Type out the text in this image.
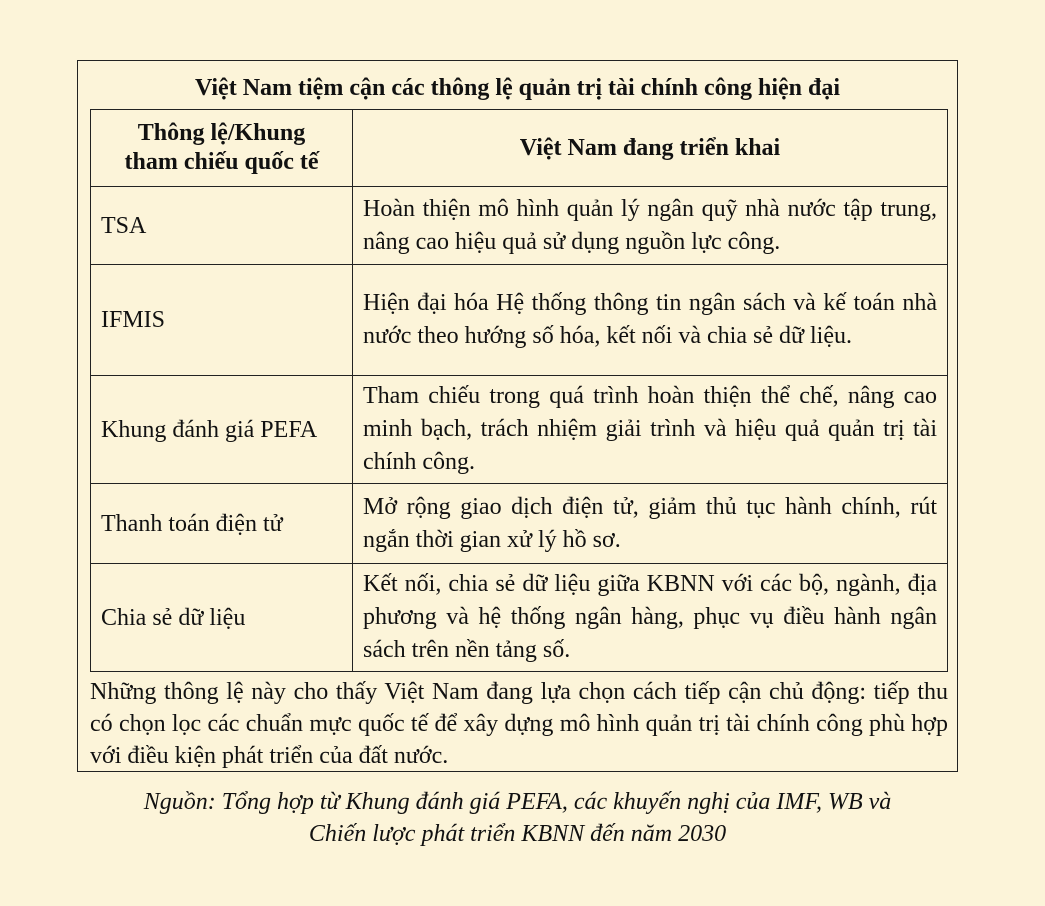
Việt Nam tiệm cận các thông lệ quản trị tài chính công hiện đại
Thông lệ/Khung
tham chiếu quốc tế	Việt Nam đang triển khai
TSA	Hoàn thiện mô hình quản lý ngân quỹ nhà nước tập trung, nâng cao hiệu quả sử dụng nguồn lực công.
IFMIS	Hiện đại hóa Hệ thống thông tin ngân sách và kế toán nhà nước theo hướng số hóa, kết nối và chia sẻ dữ liệu.
Khung đánh giá PEFA	Tham chiếu trong quá trình hoàn thiện thể chế, nâng cao minh bạch, trách nhiệm giải trình và hiệu quả quản trị tài chính công.
Thanh toán điện tử	Mở rộng giao dịch điện tử, giảm thủ tục hành chính, rút ngắn thời gian xử lý hồ sơ.
Chia sẻ dữ liệu	Kết nối, chia sẻ dữ liệu giữa KBNN với các bộ, ngành, địa phương và hệ thống ngân hàng, phục vụ điều hành ngân sách trên nền tảng số.
Những thông lệ này cho thấy Việt Nam đang lựa chọn cách tiếp cận chủ động: tiếp thu có chọn lọc các chuẩn mực quốc tế để xây dựng mô hình quản trị tài chính công phù hợp với điều kiện phát triển của đất nước.
Nguồn: Tổng hợp từ Khung đánh giá PEFA, các khuyến nghị của IMF, WB và
Chiến lược phát triển KBNN đến năm 2030
